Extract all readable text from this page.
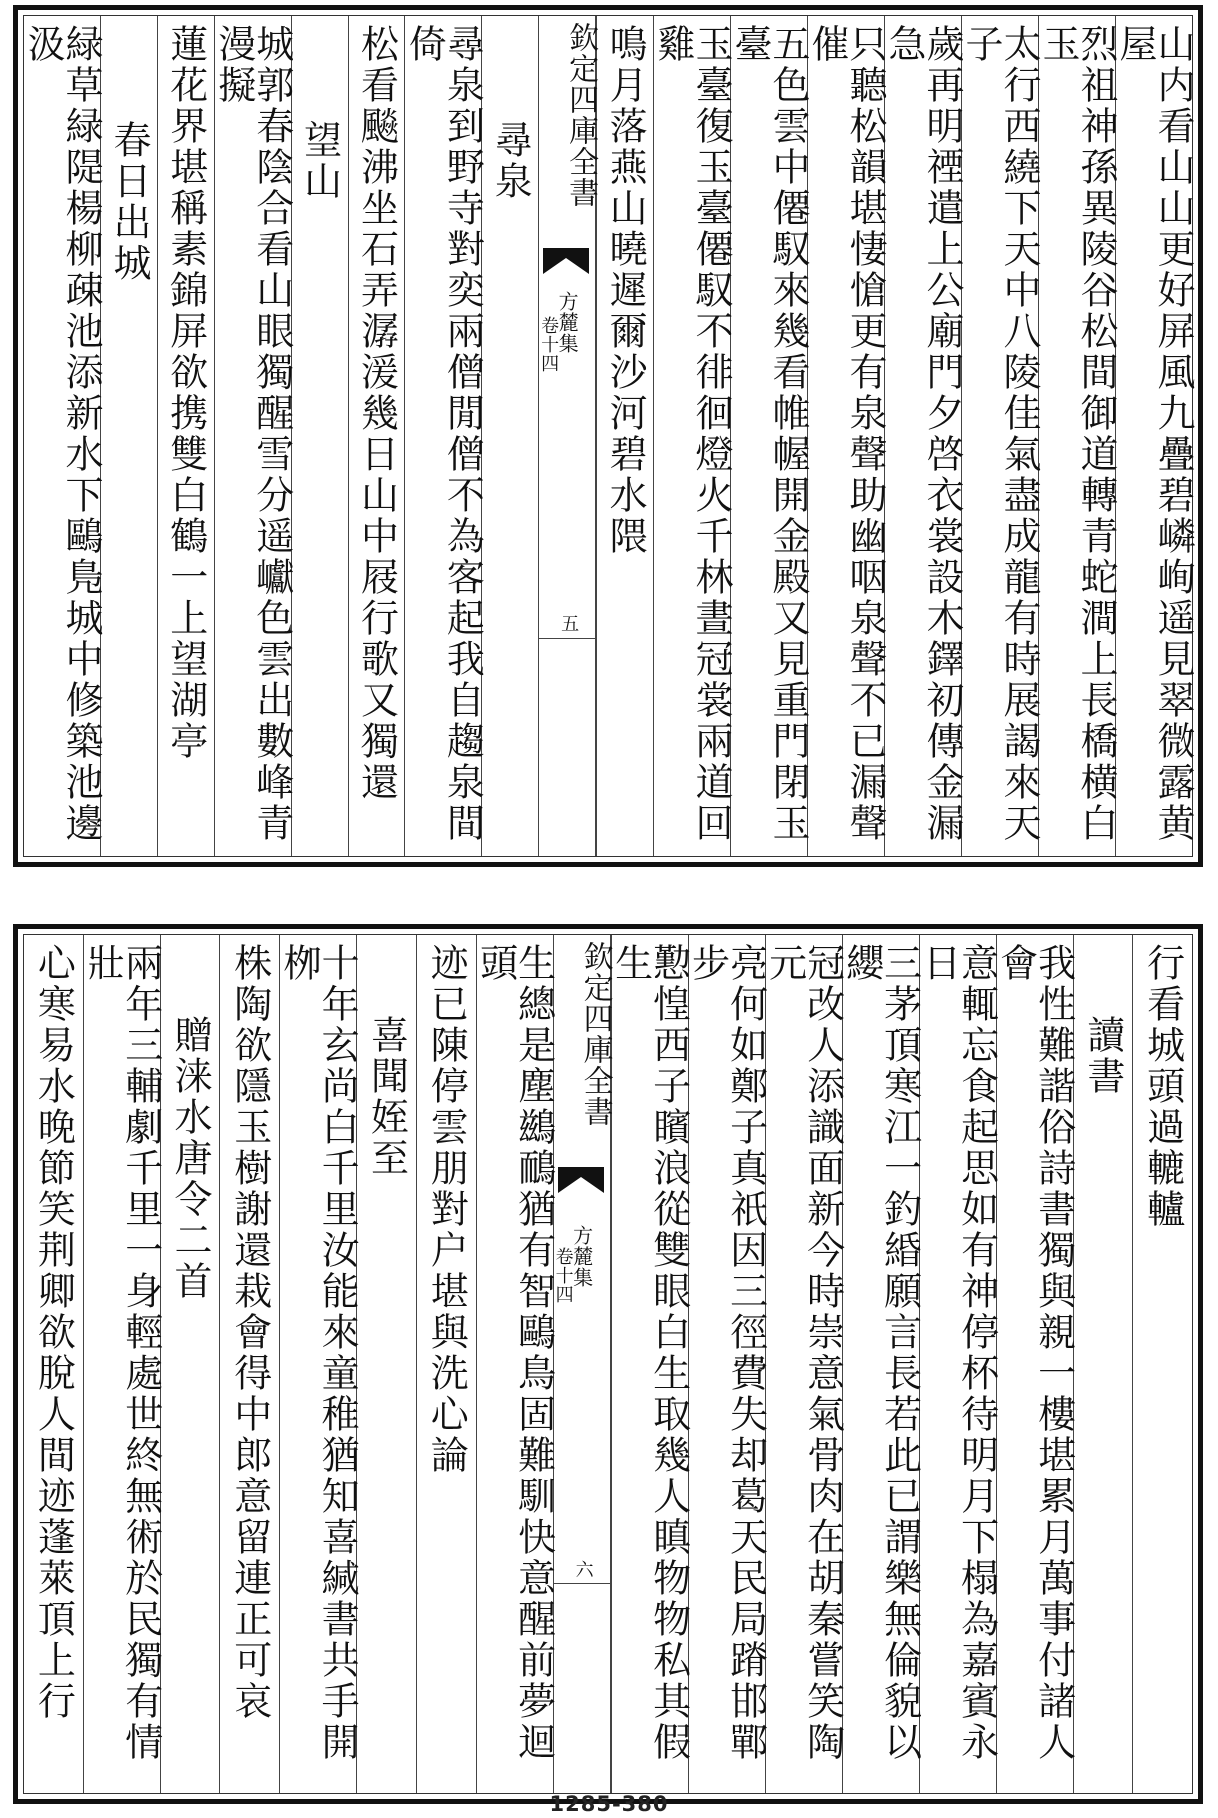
山内看山山更好屏風九疊碧嶙峋遥見翠微露黄屋
烈祖神孫異陵谷松間御道轉青蛇澗上長橋横白玉
太行西繞下天中八陵佳氣盡成龍有時展謁來天子
歲再明禋遣上公廟門夕啓衣裳設木鐸初傳金漏急
只聽松韻堪悽愴更有泉聲助幽咽泉聲不已漏聲催
五色雲中僊馭來幾看帷幄開金殿又見重門閉玉臺
玉臺復玉臺僊馭不徘徊燈火千林晝冠裳兩道回雞
鳴月落燕山曉遲爾沙河碧水隈
欽定四庫全書
方麓集
卷十四
五
尋泉
尋泉到野寺對奕兩僧閒僧不為客起我自趨泉間倚
松看飈沸坐石弄潺湲幾日山中屐行歌又獨還
望山
城郭春陰合看山眼獨醒雪分遥巘色雲出數峰青漫擬
蓮花界堪稱素錦屏欲携雙白鶴一上望湖亭
春日出城
緑草緑隄楊柳疎池添新水下鷗鳬城中修築池邊汲
行看城頭過轆轤
讀書
我性難諧俗詩書獨與親一樓堪累月萬事付諸人會
意輒忘食起思如有神停杯待明月下榻為嘉賓永日
三茅頂寒江一釣緍願言長若此已謂樂無倫貌以纓
冠改人添識面新今時崇意氣骨肉在胡秦嘗笑陶元
亮何如鄭子真祇因三徑費失却葛天民局蹐邯鄲步
懃惶西子矉浪從雙眼白生取幾人瞋物物私其假生
欽定四庫全書
方麓集
卷十四
六
生總是塵鷀鴯猶有智鷗鳥固難馴快意醒前夢迴頭
迹已陳停雲朋對户堪與洗心論
喜聞姪至
十年玄尚白千里汝能來童稚猶知喜緘書共手開栁
株陶欲隱玉樹謝還栽會得中郎意留連正可哀
贈涞水唐令二首
兩年三輔劇千里一身輕處世終無術於民獨有情壯
心寒易水晚節笑荆卿欲脫人間迹蓬萊頂上行
1285-380
